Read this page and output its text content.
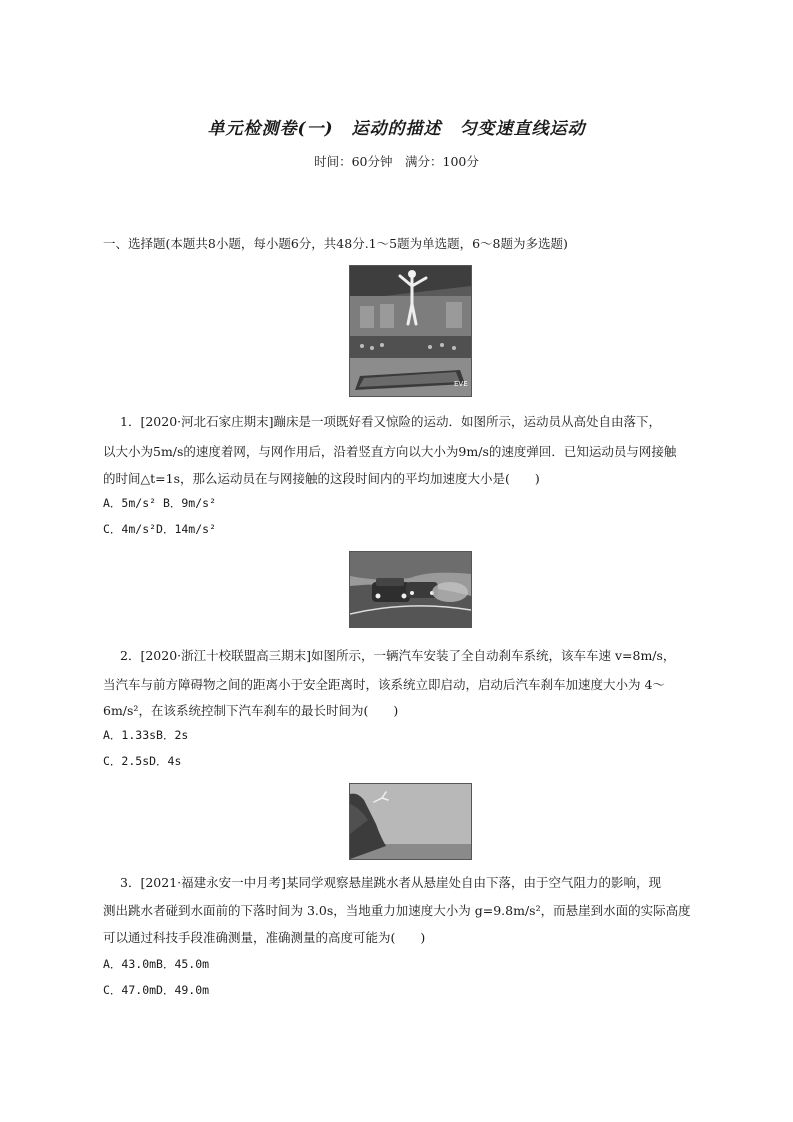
单元检测卷(一)　运动的描述　匀变速直线运动
时间：60分钟　满分：100分
一、选择题(本题共8小题，每小题6分，共48分.1～5题为单选题，6～8题为多选题)
EVE
1．[2020·河北石家庄期末]蹦床是一项既好看又惊险的运动．如图所示，运动员从高处自由落下，
以大小为5m/s的速度着网，与网作用后，沿着竖直方向以大小为9m/s的速度弹回．已知运动员与网接触
的时间△t=1s，那么运动员在与网接触的这段时间内的平均加速度大小是(　　)
A．5m/s² B．9m/s²
C．4m/s²D．14m/s²
2．[2020·浙江十校联盟高三期末]如图所示，一辆汽车安装了全自动刹车系统，该车车速 v=8m/s，
当汽车与前方障碍物之间的距离小于安全距离时，该系统立即启动，启动后汽车刹车加速度大小为 4～
6m/s²，在该系统控制下汽车刹车的最长时间为(　　)
A．1.33sB．2s
C．2.5sD．4s
3．[2021·福建永安一中月考]某同学观察悬崖跳水者从悬崖处自由下落，由于空气阻力的影响，现
测出跳水者碰到水面前的下落时间为 3.0s，当地重力加速度大小为 g=9.8m/s²，而悬崖到水面的实际高度
可以通过科技手段准确测量，准确测量的高度可能为(　　)
A．43.0mB．45.0m
C．47.0mD．49.0m
